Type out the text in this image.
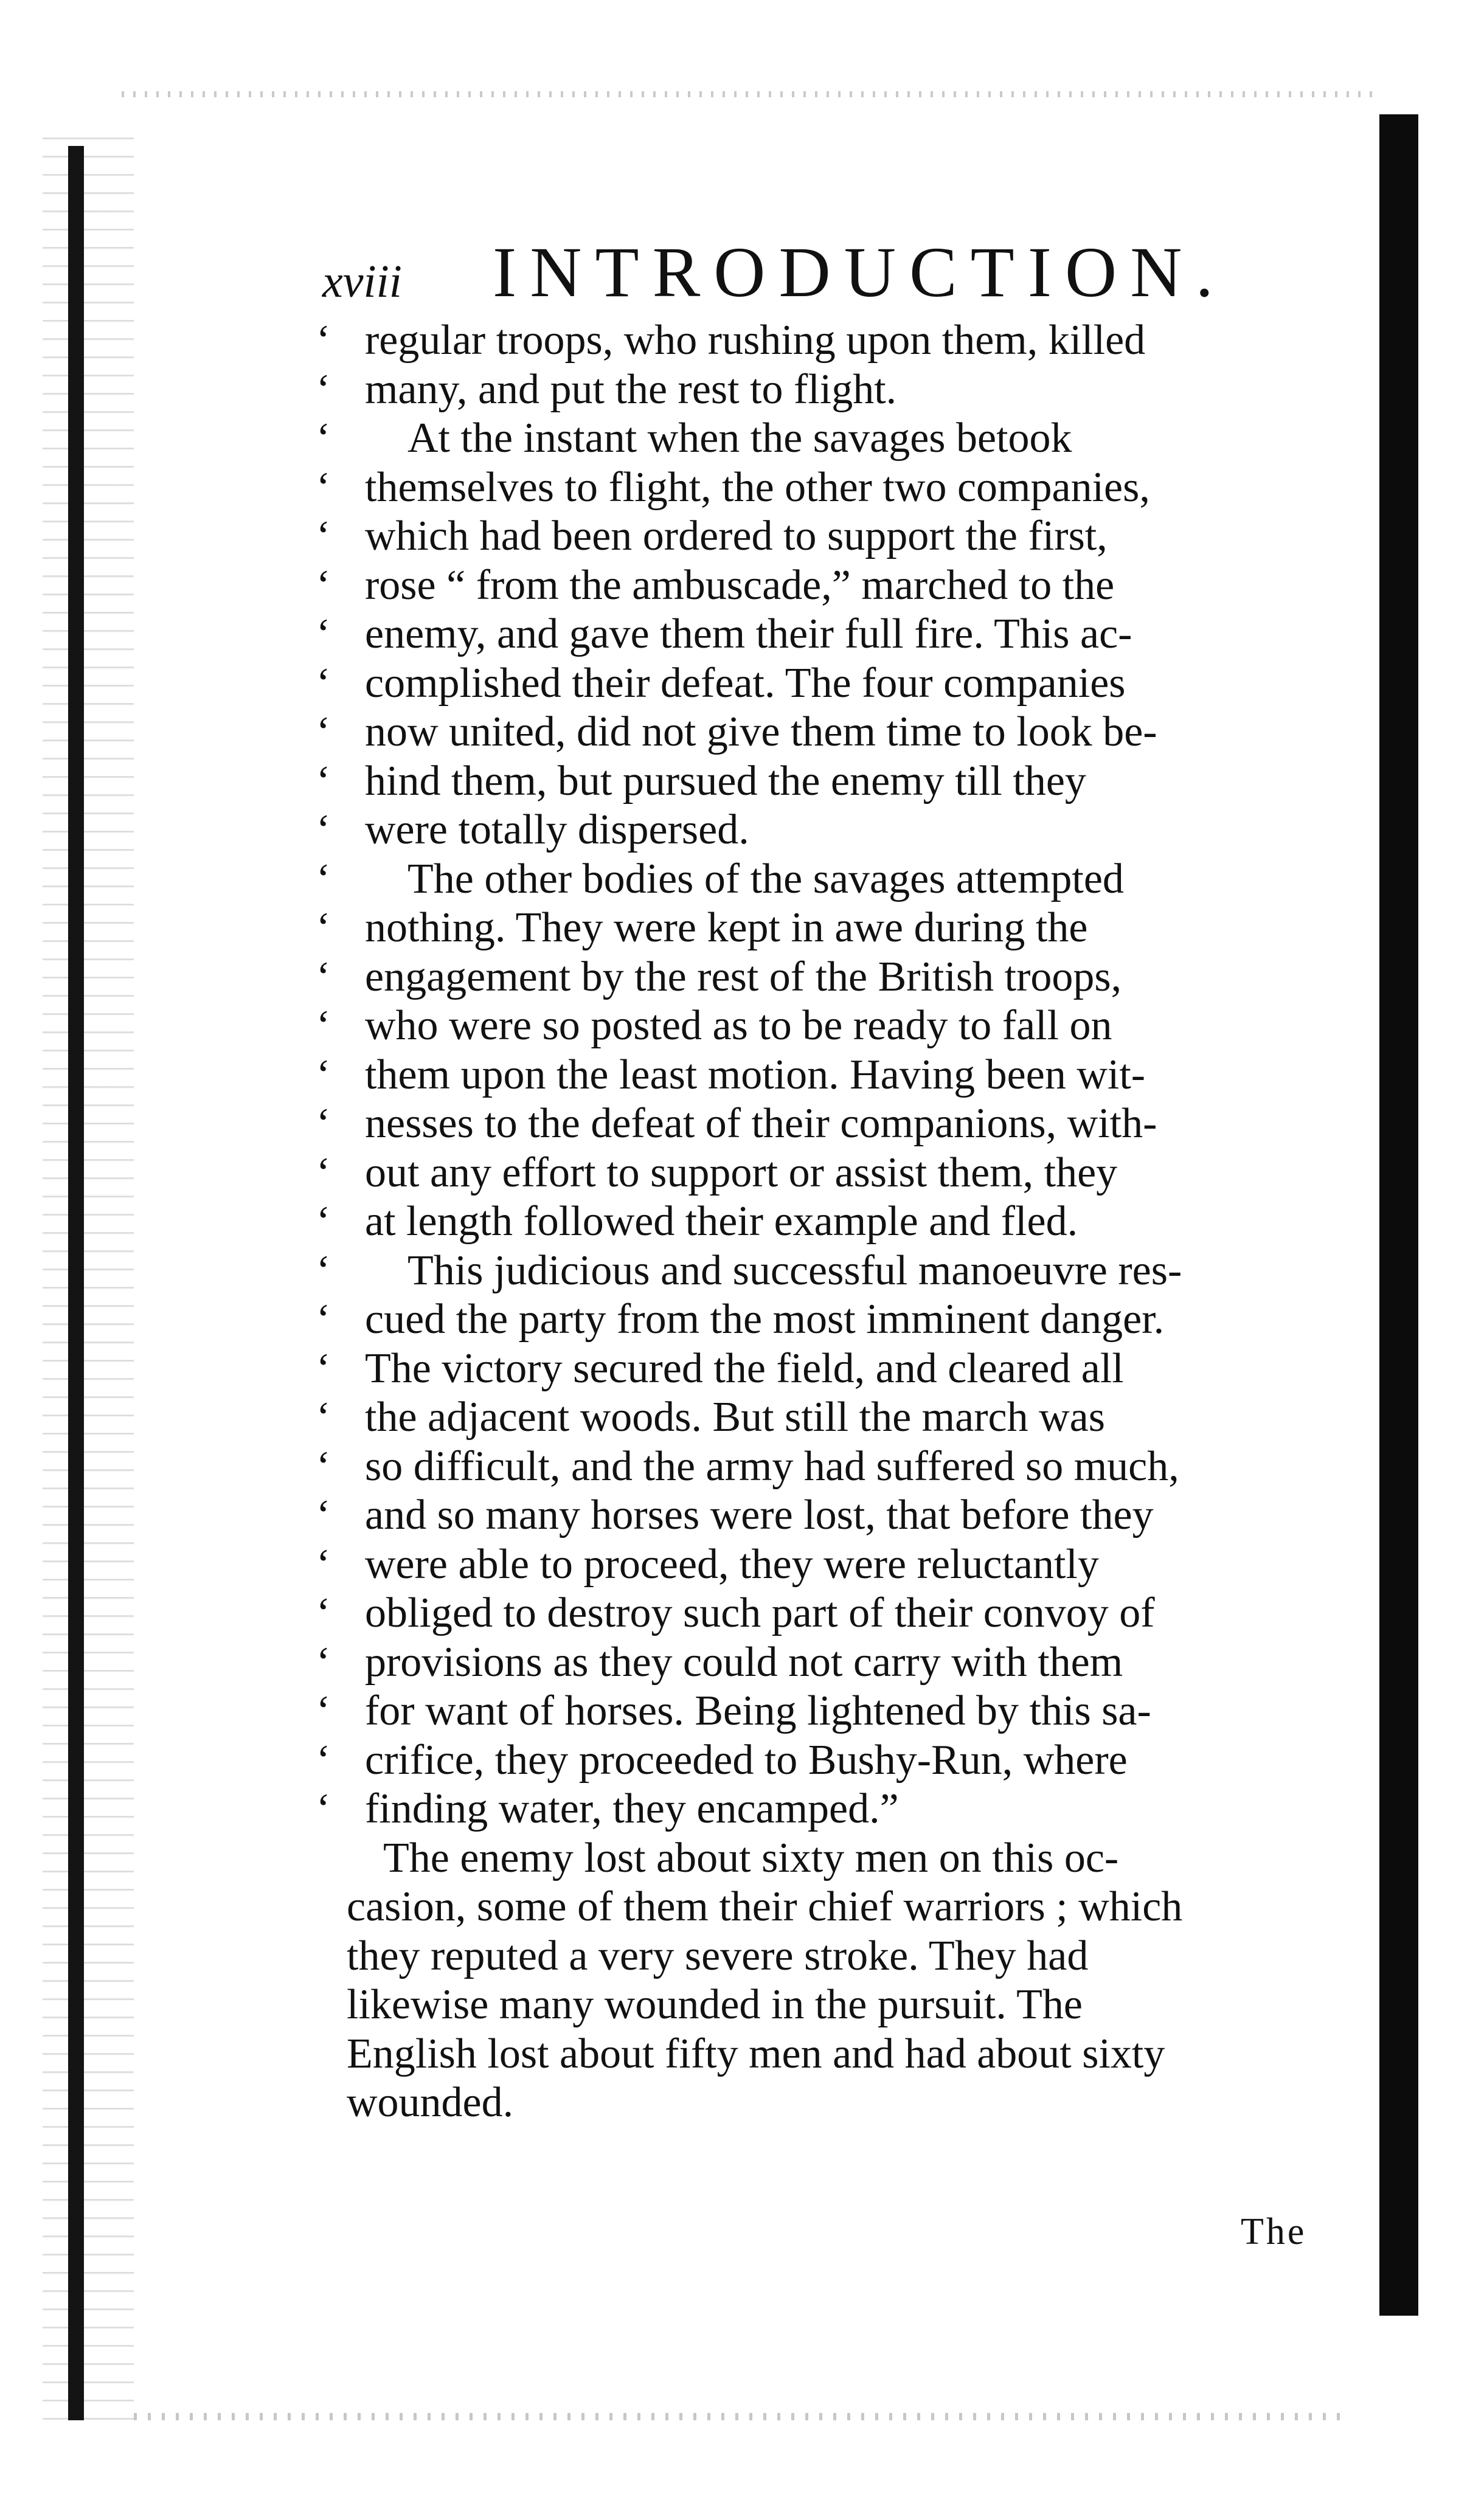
xviii INTRODUCTION.
‘ regular troops, who rushing upon them, killed
‘ many, and put the rest to flight.
‘	At the instant when the savages betook
‘ themselves to flight, the other two companies,
‘ which had been ordered to support the first,
‘ rose “ from the ambuscade,” marched to the
‘ enemy, and gave them their full fire. This ac-
‘ complished their defeat. The four companies
‘ now united, did not give them time to look be-
‘ hind them, but pursued the enemy till they
‘ were totally dispersed.
‘	The other bodies of the savages attempted
‘ nothing. They were kept in awe during the
‘ engagement by the rest of the British troops,
‘ who were so posted as to be ready to fall on
‘ them upon the least motion. Having been wit-
‘ nesses to the defeat of their companions, with-
‘ out any effort to support or assist them, they
‘ at length followed their example and fled.
‘	This judicious and successful manoeuvre res-
‘ cued the party from the most imminent danger.
‘ The victory secured the field, and cleared all
‘ the adjacent woods. But still the march was
‘ so difficult, and the army had suffered so much,
‘ and so many horses were lost, that before they
‘ were able to proceed, they were reluctantly
‘ obliged to destroy such part of their convoy of
‘ provisions as they could not carry with them
‘ for want of horses. Being lightened by this sa-
‘ crifice, they proceeded to Bushy-Run, where
‘ finding water, they encamped.”
The enemy lost about sixty men on this oc-
casion, some of them their chief warriors ; which
they reputed a very severe stroke. They had
likewise many wounded in the pursuit. The
English lost about fifty men and had about sixty
wounded.
The
